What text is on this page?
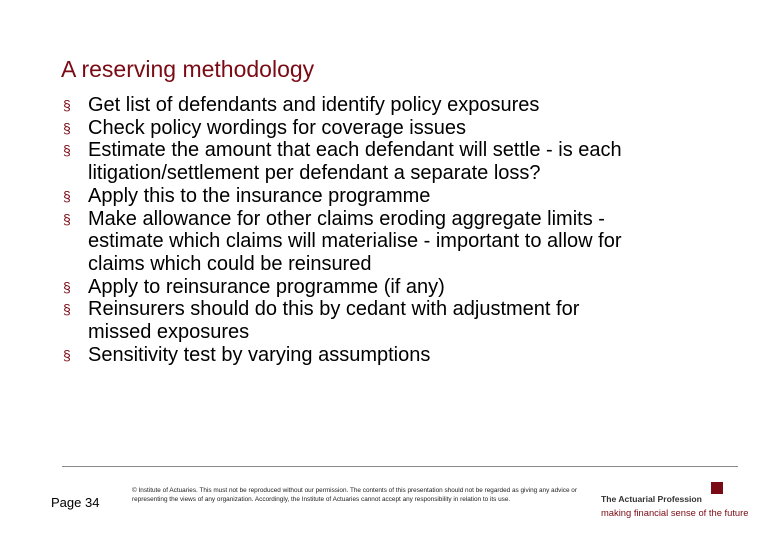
A reserving methodology
§ Get list of defendants and identify policy exposures
§ Check policy wordings for coverage issues
§ Estimate the amount that each defendant will settle - is each
litigation/settlement per defendant a separate loss?
§ Apply this to the insurance programme
§ Make allowance for other claims eroding aggregate limits -
estimate which claims will materialise - important to allow for
claims which could be reinsured
§ Apply to reinsurance programme (if any)
§ Reinsurers should do this by cedant with adjustment for
missed exposures
§ Sensitivity test by varying assumptions
Page 34
© Institute of Actuaries. This must not be reproduced without our permission. The contents of this presentation should not be regarded as giving any advice or representing the views of any organization. Accordingly, the Institute of Actuaries cannot accept any responsibility in relation to its use.	The Actuarial Profession
making financial sense of the future
